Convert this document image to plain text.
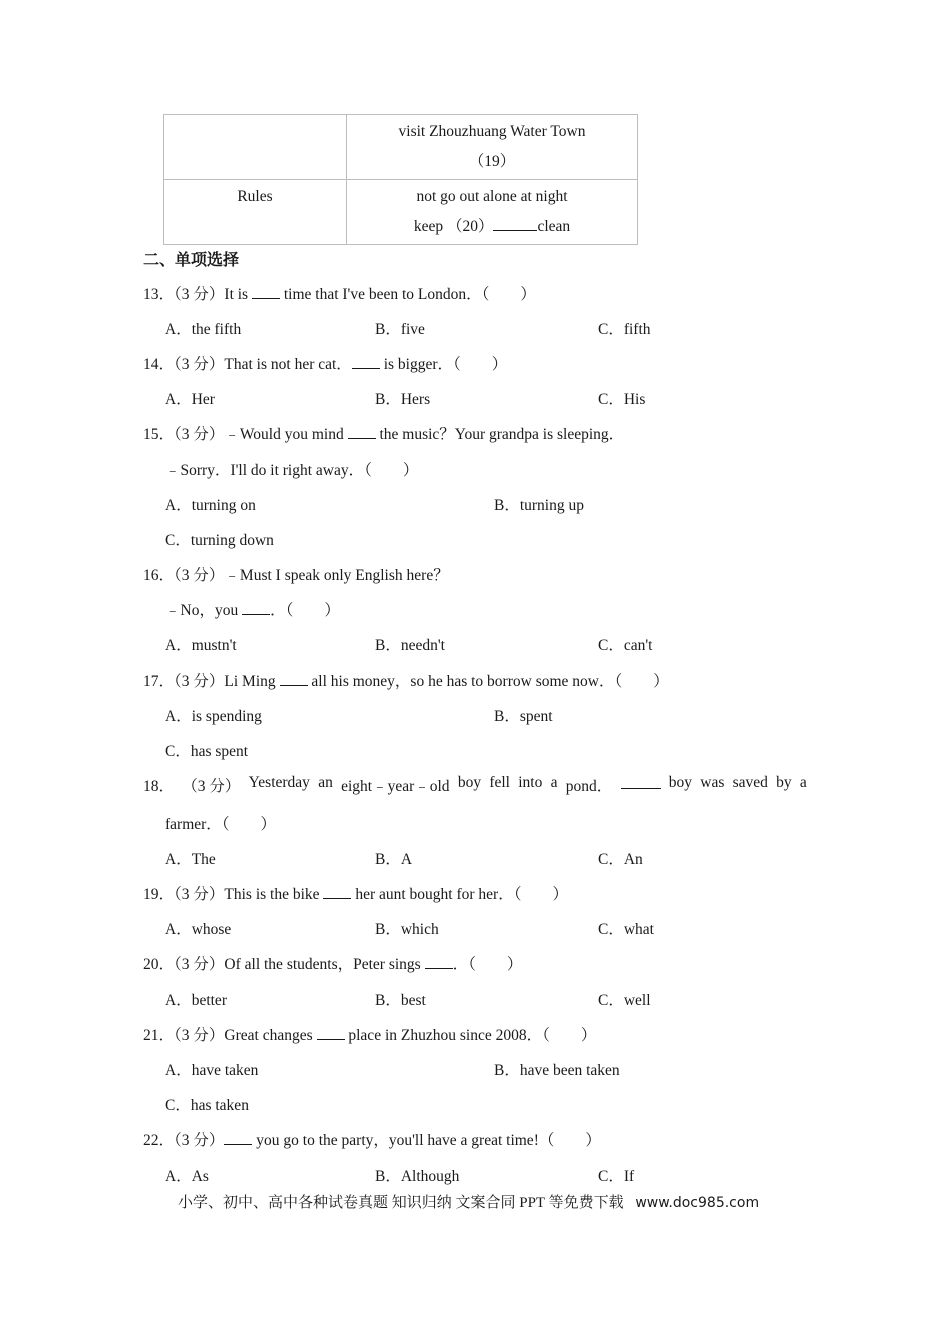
	visit Zhouzhuang Water Town
（19）

Rules	not go out alone at night
keep （20） clean
二、单项选择
13．（3 分）It is  time that I've been to London．（　　）
A．the fifth	B．five	C．fifth
14．（3 分）That is not her cat． is bigger．（　　）
A．Her	B．Hers	C．His
15．（3 分）﹣Would you mind  the music？Your grandpa is sleeping．
﹣Sorry．I'll do it right away．（　　）
A．turning on	B．turning up
C．turning down
16．（3 分）﹣Must I speak only English here？
﹣No，you ．（　　）
A．mustn't	B．needn't	C．can't
17．（3 分）Li Ming  all his money，so he has to borrow some now．（　　）
A．is spending	B．spent
C．has spent
18． （3 分） Yesterday an eight﹣year﹣old boy fell into a pond．	boy was saved by a
farmer．（　　）
A．The	B．A	C．An
19．（3 分）This is the bike  her aunt bought for her．（　　）
A．whose	B．which	C．what
20．（3 分）Of all the students，Peter sings ．（　　）
A．better	B．best	C．well
21．（3 分）Great changes  place in Zhuzhou since 2008．（　　）
A．have taken	B．have been taken
C．has taken
22．（3 分） you go to the party，you'll have a great time!（　　）
A．As	B．Although	C．If
小学、初中、高中各种试卷真题 知识归纳 文案合同 PPT 等免费下载 www.doc985.com
